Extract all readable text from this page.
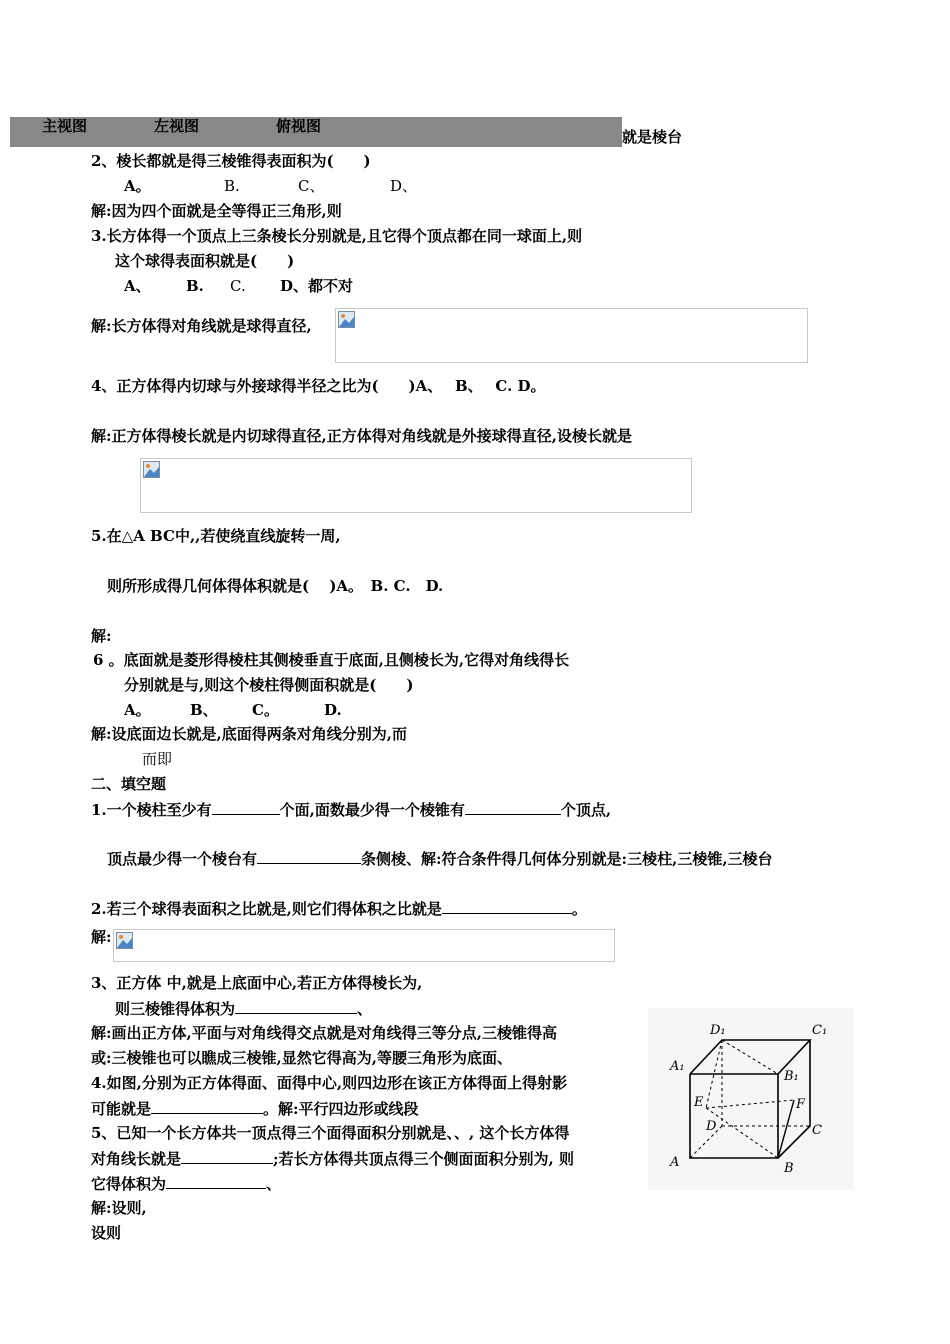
主视图	左视图	俯视图
就是棱台
2、棱长都就是得三棱锥得表面积为(　　)
A。	B.	C、	D、
解:因为四个面就是全等得正三角形,则
3.长方体得一个顶点上三条棱长分别就是,且它得个顶点都在同一球面上,则
这个球得表面积就是(　　)
A、 B. C. D、都不对
解:长方体得对角线就是球得直径,
4、正方体得内切球与外接球得半径之比为(　　)A、　 B、　 C. D。
解:正方体得棱长就是内切球得直径,正方体得对角线就是外接球得直径,设棱长就是
5.在△A BC中,,若使绕直线旋转一周,
则所形成得几何体得体积就是(　 )A。　B. C.　D.
解:
6 。底面就是菱形得棱柱其侧棱垂直于底面,且侧棱长为,它得对角线得长
分别就是与,则这个棱柱得侧面积就是(　　)
A。	B、 C。	D.
解:设底面边长就是,底面得两条对角线分别为,而
而即
二、填空题
1.一个棱柱至少有	个面,面数最少得一个棱锥有	个顶点,
顶点最少得一个棱台有	条侧棱、解:符合条件得几何体分别就是:三棱柱,三棱锥,三棱台
2.若三个球得表面积之比就是,则它们得体积之比就是	。
解:
3、正方体 中,就是上底面中心,若正方体得棱长为,
则三棱锥得体积为	、
解:画出正方体,平面与对角线得交点就是对角线得三等分点,三棱锥得高
或:三棱锥也可以瞧成三棱锥,显然它得高为,等腰三角形为底面、
4.如图,分别为正方体得面、面得中心,则四边形在该正方体得面上得射影
可能就是	。解:平行四边形或线段
5、已知一个长方体共一顶点得三个面得面积分别就是、、, 这个长方体得
对角线长就是	;若长方体得共顶点得三个侧面面积分别为, 则
它得体积为	、
解:设则,
设则
D₁	C₁
A₁
B₁
E	F
D	C
A	B
